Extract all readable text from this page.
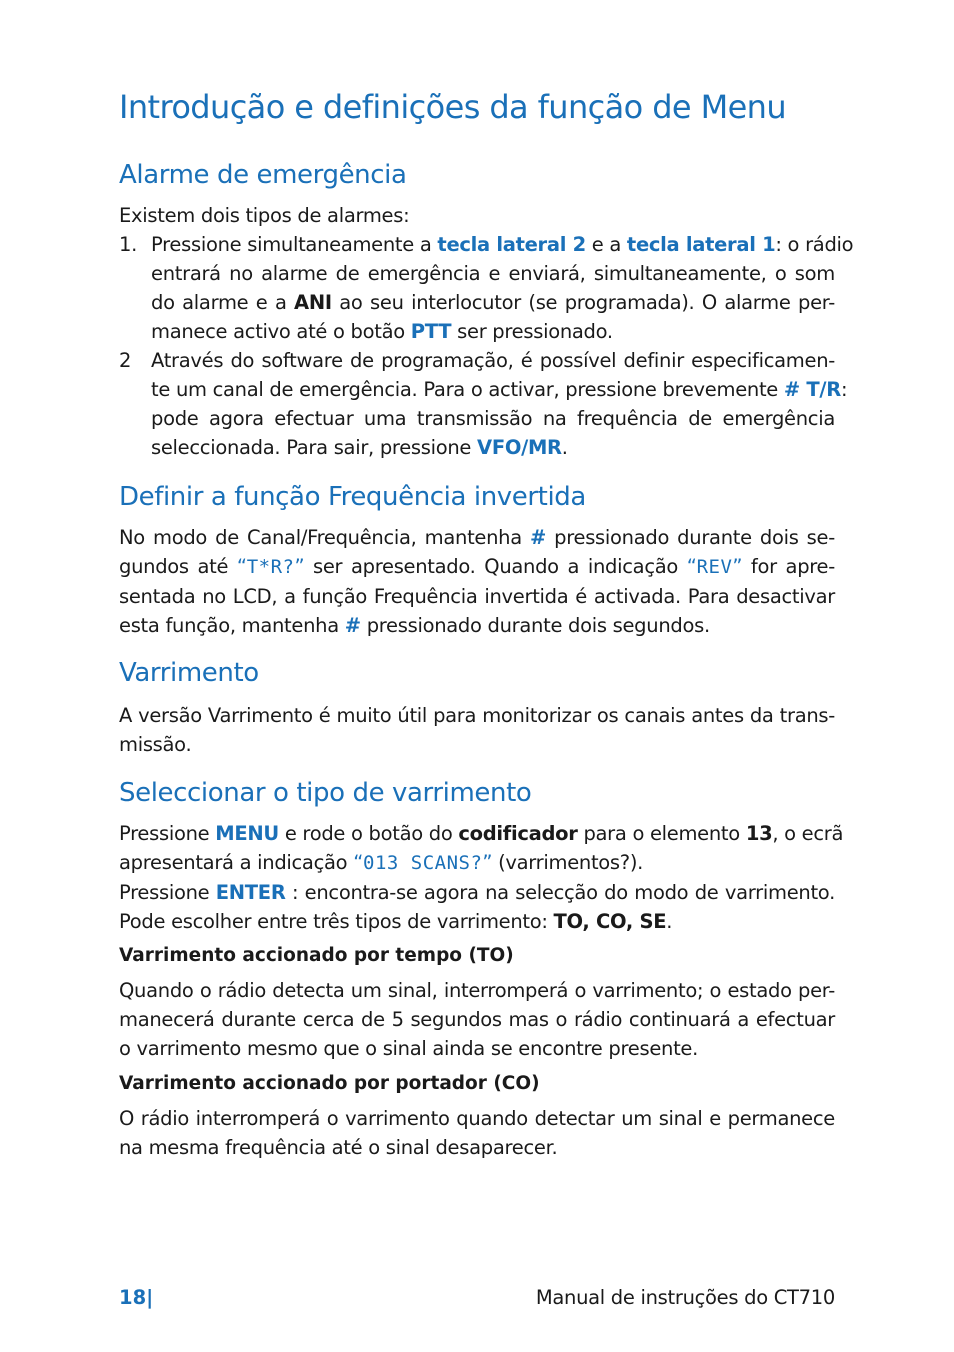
Introdução e definições da função de Menu
Alarme de emergência
Existem dois tipos de alarmes:
1. Pressione simultaneamente a tecla lateral 2 e a tecla lateral 1: o rádio
entrará no alarme de emergência e enviará, simultaneamente, o som
do alarme e a ANI ao seu interlocutor (se programada). O alarme per-
manece activo até o botão PTT ser pressionado.
2 Através do software de programação, é possível definir especificamen-
te um canal de emergência. Para o activar, pressione brevemente # T/R:
pode agora efectuar uma transmissão na frequência de emergência
seleccionada. Para sair, pressione VFO/MR.
Definir a função Frequência invertida
No modo de Canal/Frequência, mantenha # pressionado durante dois se-
gundos até “T*R?” ser apresentado. Quando a indicação “REV” for apre-
sentada no LCD, a função Frequência invertida é activada. Para desactivar
esta função, mantenha # pressionado durante dois segundos.
Varrimento
A versão Varrimento é muito útil para monitorizar os canais antes da trans-
missão.
Seleccionar o tipo de varrimento
Pressione MENU e rode o botão do codificador para o elemento 13, o ecrã
apresentará a indicação “013 SCANS?” (varrimentos?).
Pressione ENTER : encontra-se agora na selecção do modo de varrimento.
Pode escolher entre três tipos de varrimento: TO, CO, SE.
Varrimento accionado por tempo (TO)
Quando o rádio detecta um sinal, interromperá o varrimento; o estado per-
manecerá durante cerca de 5 segundos mas o rádio continuará a efectuar
o varrimento mesmo que o sinal ainda se encontre presente.
Varrimento accionado por portador (CO)
O rádio interromperá o varrimento quando detectar um sinal e permanece
na mesma frequência até o sinal desaparecer.
18|	Manual de instruções do CT710
